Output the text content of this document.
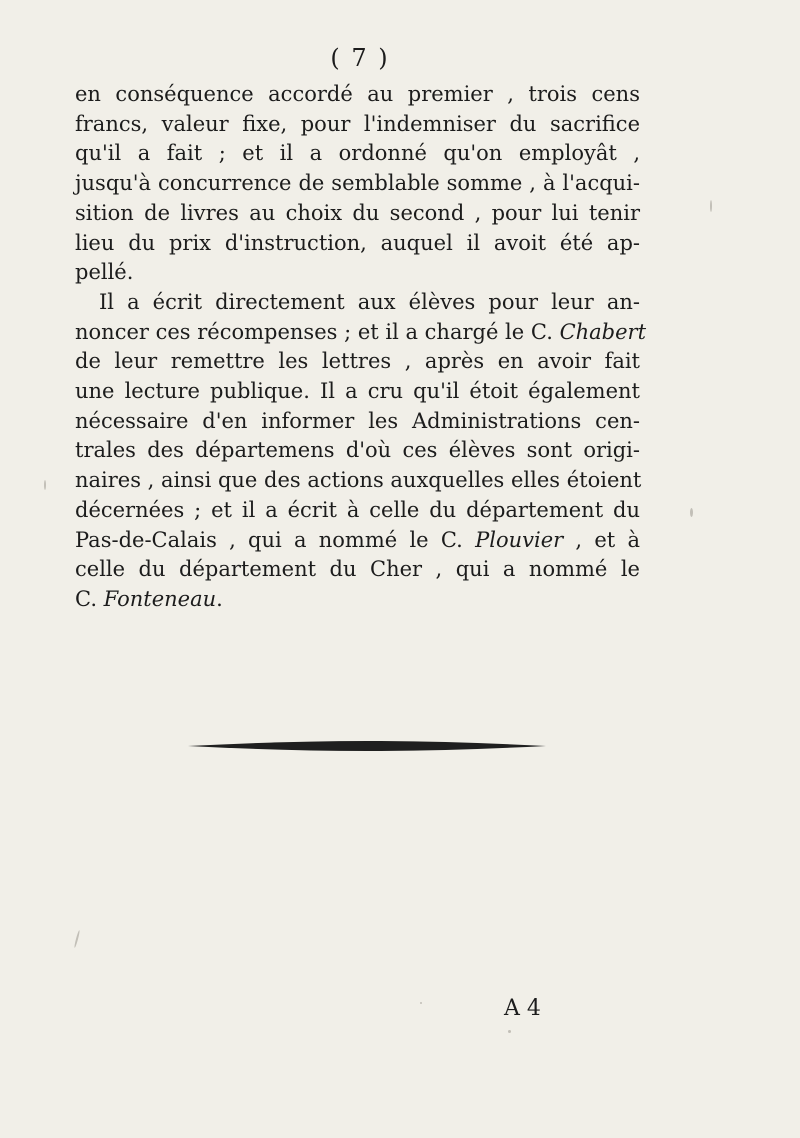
( 7 )

en conséquence accordé au premier , trois cens
francs, valeur fixe, pour l'indemniser du sacrifice
qu'il a fait ; et il a ordonné qu'on employât ,
jusqu'à concurrence de semblable somme , à l'acqui-
sition de livres au choix du second , pour lui tenir
lieu du prix d'instruction, auquel il avoit été ap-
pellé.

Il a écrit directement aux élèves pour leur an-
noncer ces récompenses ; et il a chargé le C. Chabert
de leur remettre les lettres , après en avoir fait
une lecture publique. Il a cru qu'il étoit également
nécessaire d'en informer les Administrations cen-
trales des départemens d'où ces élèves sont origi-
naires , ainsi que des actions auxquelles elles étoient
décernées ; et il a écrit à celle du département du
Pas-de-Calais , qui a nommé le C. Plouvier , et à
celle du département du Cher , qui a nommé le
C. Fonteneau.

A 4
